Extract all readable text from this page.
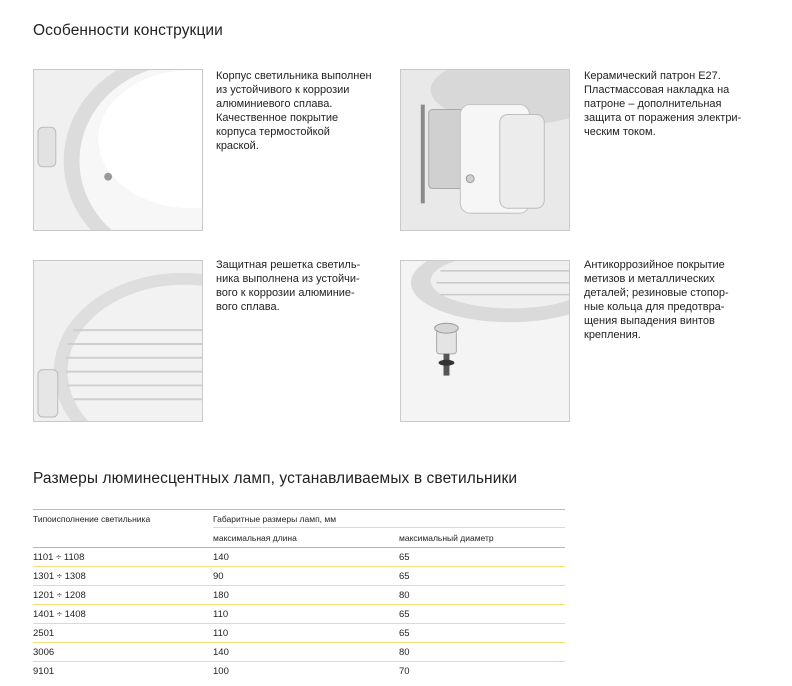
Особенности конструкции
Корпус светильника выполнен
из устойчивого к коррозии
алюминиевого сплава.
Качественное покрытие
корпуса термостойкой
краской.
Керамический патрон Е27.
Пластмассовая накладка на
патроне – дополнительная
защита от поражения электри-
ческим током.
Защитная решетка светиль-
ника выполнена из устойчи-
вого к коррозии алюминие-
вого сплава.
Антикоррозийное покрытие
метизов и металлических
деталей; резиновые стопор-
ные кольца для предотвра-
щения выпадения винтов
крепления.
Размеры люминесцентных ламп, устанавливаемых в светильники
Типоисполнение светильника	Габаритные размеры ламп, мм	
	максимальная длина	максимальный диаметр
1101 ÷ 1108	140	65
1301 ÷ 1308	90	65
1201 ÷ 1208	180	80
1401 ÷ 1408	110	65
2501	110	65
3006	140	80
9101	100	70
